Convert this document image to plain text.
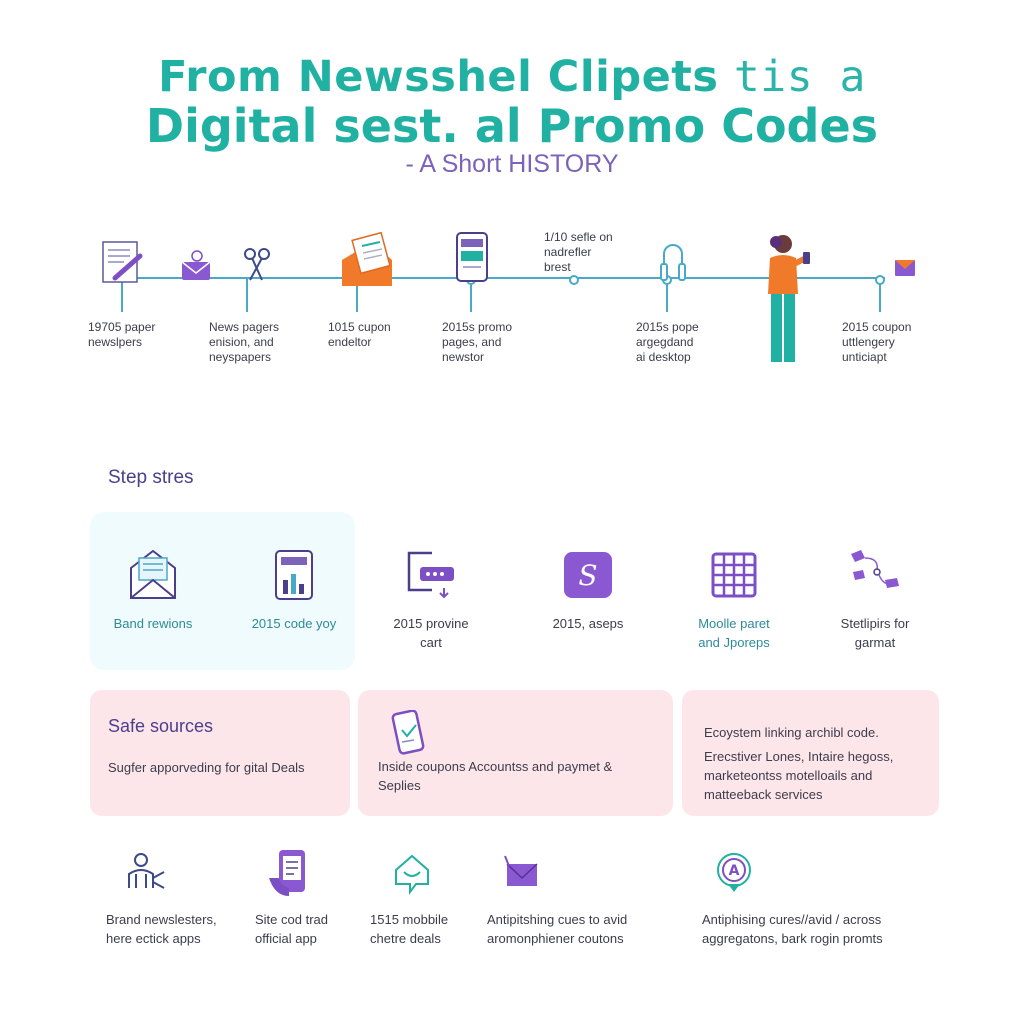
From Newsshel Clipets tis a
Digital sest. al Promo Codes
- A Short HISTORY
19705 paper
newslpers
News pagers
enision, and
neyspapers
1015 cupon
endeltor
2015s promo
pages, and
newstor
1/10 sefle on
nadrefler
brest
2015s pope
argegdand
ai desktop
2015 coupon
uttlengery
unticiapt
Step stres
Band rewions	2015 code yoy	2015 provine
cart
S
2015, aseps	Moolle paret
and Jporeps
Stetlipirs for
garmat
Safe sources
Sugfer apporveding for gital Deals	Inside coupons Accountss and paymet &
Seplies
Ecoystem linking archibl code.
Erecstiver Lones, Intaire hegoss,
marketeontss motelloails and
matteeback services
Brand newslesters,
here ectick apps
Site cod trad
official app
1515 mobbile
chetre deals
Antipitshing cues to avid
aromonphiener coutons
A
Antiphising cures//avid / across
aggregatons, bark rogin promts
